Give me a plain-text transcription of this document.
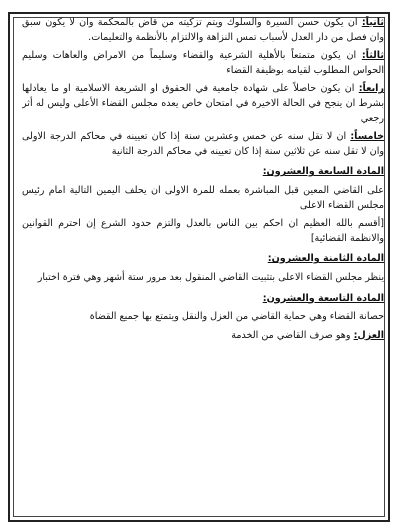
ثانياً: ان يكون حسن السيرة والسلوك ويتم تزكيته من قاض بالمحكمة وان لا يكون سبق وان فصل من دار العدل لأسباب تمس النزاهة والالتزام بالأنظمة والتعليمات.

ثالثاً: ان يكون متمتعاً بالأهلية الشرعية والقضاء وسليماً من الامراض والعاهات وسليم الحواس المطلوب لقيامه بوظيفة القضاء

رابعاً: ان يكون حاصلاً على شهادة جامعية في الحقوق او الشريعة الاسلامية او ما يعادلها بشرط ان ينجح في الحالة الاخيرة في امتحان خاص يعده مجلس القضاء الأعلى وليس له أثر رجعي

خامساً: ان لا تقل سنه عن خمس وعشرين سنة إذا كان تعيينه في محاكم الدرجة الاولى وان لا تقل سنه عن ثلاثين سنة إذا كان تعيينه في محاكم الدرجة الثانية

المادة السابعة والعشرون:

على القاضي المعين قبل المباشرة بعمله للمرة الاولى ان يحلف اليمين التالية امام رئيس مجلس القضاء الاعلى

[أقسم بالله العظيم ان احكم بين الناس بالعدل والتزم حدود الشرع إن احترم القوانين والانظمة القضائية]

المادة الثامنة والعشرون:

ينظر مجلس القضاء الاعلى بتثبيت القاضي المنقول بعد مرور ستة أشهر وهي فترة اختبار

المادة التاسعة والعشرون:

حصانة القضاء وهي حماية القاضي من العزل والنقل ويتمتع بها جميع القضاة

العزل: وهو صرف القاضي من الخدمة
